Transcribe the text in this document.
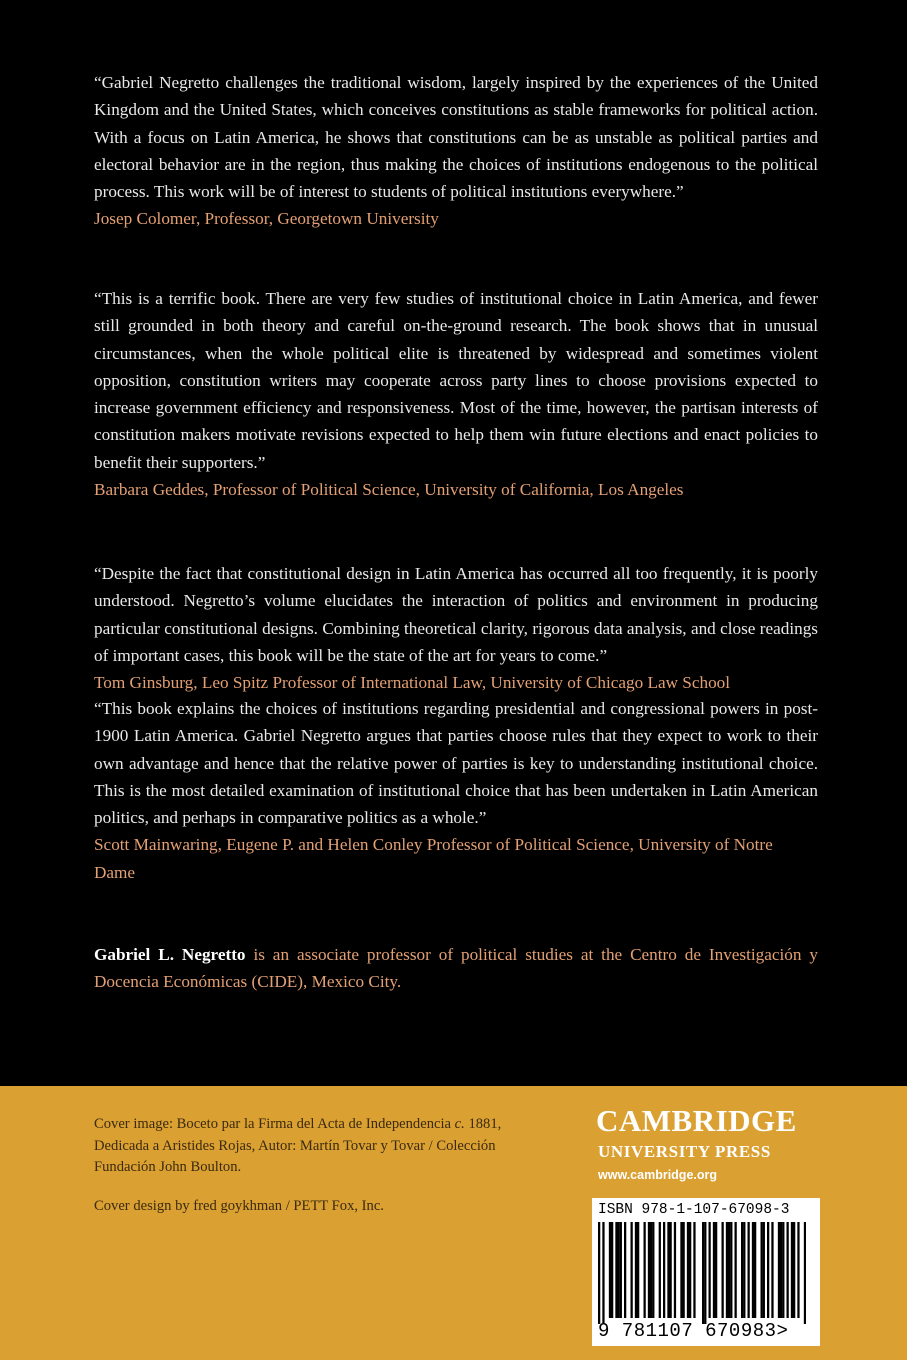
“Gabriel Negretto challenges the traditional wisdom, largely inspired by the experiences of the United Kingdom and the United States, which conceives constitutions as stable frameworks for political action. With a focus on Latin America, he shows that constitutions can be as unstable as political parties and electoral behavior are in the region, thus making the choices of institutions endogenous to the political process. This work will be of interest to students of political institutions everywhere.”
Josep Colomer, Professor, Georgetown University
“This is a terrific book. There are very few studies of institutional choice in Latin America, and fewer still grounded in both theory and careful on-the-ground research. The book shows that in unusual circumstances, when the whole political elite is threatened by widespread and sometimes violent opposition, constitution writers may cooperate across party lines to choose provisions expected to increase government efficiency and responsiveness. Most of the time, however, the partisan interests of constitution makers motivate revisions expected to help them win future elections and enact policies to benefit their supporters.”
Barbara Geddes, Professor of Political Science, University of California, Los Angeles
“Despite the fact that constitutional design in Latin America has occurred all too frequently, it is poorly understood. Negretto’s volume elucidates the interaction of politics and environment in producing particular constitutional designs. Combining theoretical clarity, rigorous data analysis, and close readings of important cases, this book will be the state of the art for years to come.”
Tom Ginsburg, Leo Spitz Professor of International Law, University of Chicago Law School
“This book explains the choices of institutions regarding presidential and congressional powers in post-1900 Latin America. Gabriel Negretto argues that parties choose rules that they expect to work to their own advantage and hence that the relative power of parties is key to understanding institutional choice. This is the most detailed examination of institutional choice that has been undertaken in Latin American politics, and perhaps in comparative politics as a whole.”
Scott Mainwaring, Eugene P. and Helen Conley Professor of Political Science, University of Notre Dame
Gabriel L. Negretto is an associate professor of political studies at the Centro de Investigación y Docencia Económicas (CIDE), Mexico City.
Cover image: Boceto par la Firma del Acta de Independencia c. 1881, Dedicada a Aristides Rojas, Autor: Martín Tovar y Tovar / Colección Fundación John Boulton.
Cover design by fred goykhman / PETT Fox, Inc.
CAMBRIDGE
UNIVERSITY PRESS
www.cambridge.org
ISBN 978-1-107-67098-3
9 781107 670983>
